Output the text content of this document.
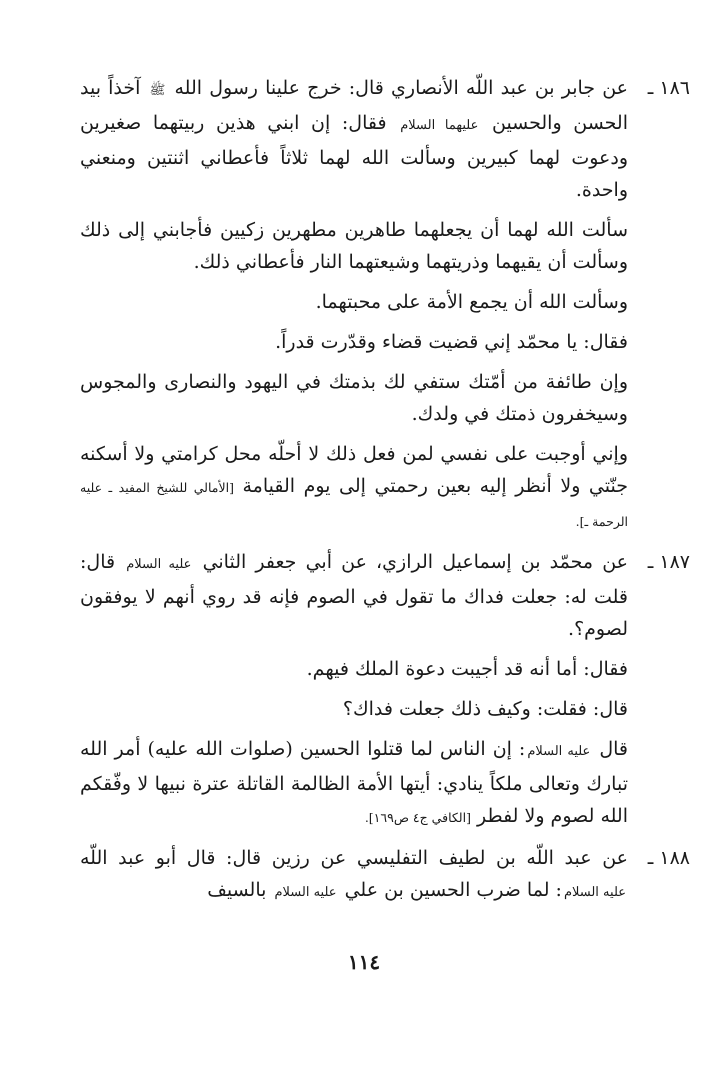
١٨٦ ـ

عن جابر بن عبد اللّه الأنصاري قال: خرج علينا رسول الله ﷺ آخذاً بيد الحسن والحسين عليهما السلام فقال: إن ابني هذين ربيتهما صغيرين ودعوت لهما كبيرين وسألت الله لهما ثلاثاً فأعطاني اثنتين ومنعني واحدة.

سألت الله لهما أن يجعلهما طاهرين مطهرين زكيين فأجابني إلى ذلك وسألت أن يقيهما وذريتهما وشيعتهما النار فأعطاني ذلك.

وسألت الله أن يجمع الأمة على محبتهما.

فقال: يا محمّد إني قضيت قضاء وقدّرت قدراً.

وإن طائفة من أمّتك ستفي لك بذمتك في اليهود والنصارى والمجوس وسيخفرون ذمتك في ولدك.

وإني أوجبت على نفسي لمن فعل ذلك لا أحلّه محل كرامتي ولا أسكنه جنّتي ولا أنظر إليه بعين رحمتي إلى يوم القيامة [الأمالي للشيخ المفيد ـ عليه الرحمة ـ].

١٨٧ ـ

عن محمّد بن إسماعيل الرازي، عن أبي جعفر الثاني عليه السلام قال: قلت له: جعلت فداك ما تقول في الصوم فإنه قد روي أنهم لا يوفقون لصوم؟.

فقال: أما أنه قد أجيبت دعوة الملك فيهم.

قال: فقلت: وكيف ذلك جعلت فداك؟

قال عليه السلام: إن الناس لما قتلوا الحسين (صلوات الله عليه) أمر الله تبارك وتعالى ملكاً ينادي: أيتها الأمة الظالمة القاتلة عترة نبيها لا وفّقكم الله لصوم ولا لفطر [الكافي ج٤ ص١٦٩].

١٨٨ ـ

عن عبد اللّه بن لطيف التفليسي عن رزين قال: قال أبو عبد اللّه عليه السلام: لما ضرب الحسين بن علي عليه السلام بالسيف

١١٤
